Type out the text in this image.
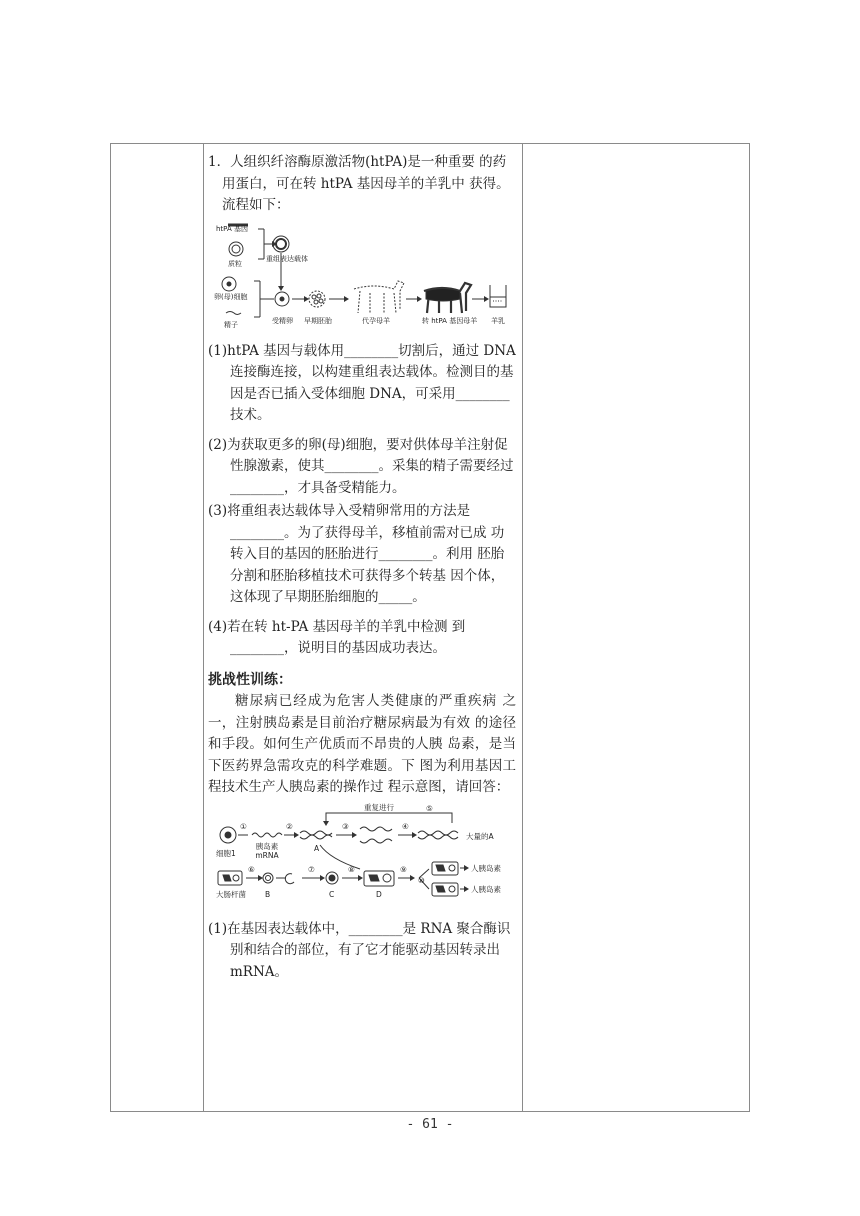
1．人组织纤溶酶原激活物(htPA)是一种重要 的药用蛋白，可在转 htPA 基因母羊的羊乳中 获得。流程如下：

htPA 基因
质粒
重组表达载体
卵(母)细胞
精子	受精卵 早期胚胎	代孕母羊	转 htPA 基因母羊 羊乳

(1)htPA 基因与载体用________切割后，通过 DNA 连接酶连接，以构建重组表达载体。检测目的基因是否已插入受体细胞 DNA，可采用________技术。

(2)为获取更多的卵(母)细胞，要对供体母羊注射促性腺激素，使其________。采集的精子需要经过________，才具备受精能力。

(3)将重组表达载体导入受精卵常用的方法是 ________。为了获得母羊，移植前需对已成 功转入目的基因的胚胎进行________。利用 胚胎分割和胚胎移植技术可获得多个转基 因个体，这体现了早期胚胎细胞的_____。

(4)若在转 ht-PA 基因母羊的羊乳中检测 到________，说明目的基因成功表达。

挑战性训练：

糖尿病已经成为危害人类健康的严重疾病 之一，注射胰岛素是目前治疗糖尿病最为有效 的途径和手段。如何生产优质而不昂贵的人胰 岛素，是当下医药界急需攻克的科学难题。下 图为利用基因工程技术生产人胰岛素的操作过 程示意图，请回答：

重复进行	⑤
①	②	③	④
细胞1
胰岛素mRNA
A
大量的A
⑥	⑦	⑧	⑨
⑩
大肠杆菌	B	C	D
人胰岛素
人胰岛素

(1)在基因表达载体中，________是 RNA 聚合酶识别和结合的部位，有了它才能驱动基因转录出 mRNA。

- 61 -
